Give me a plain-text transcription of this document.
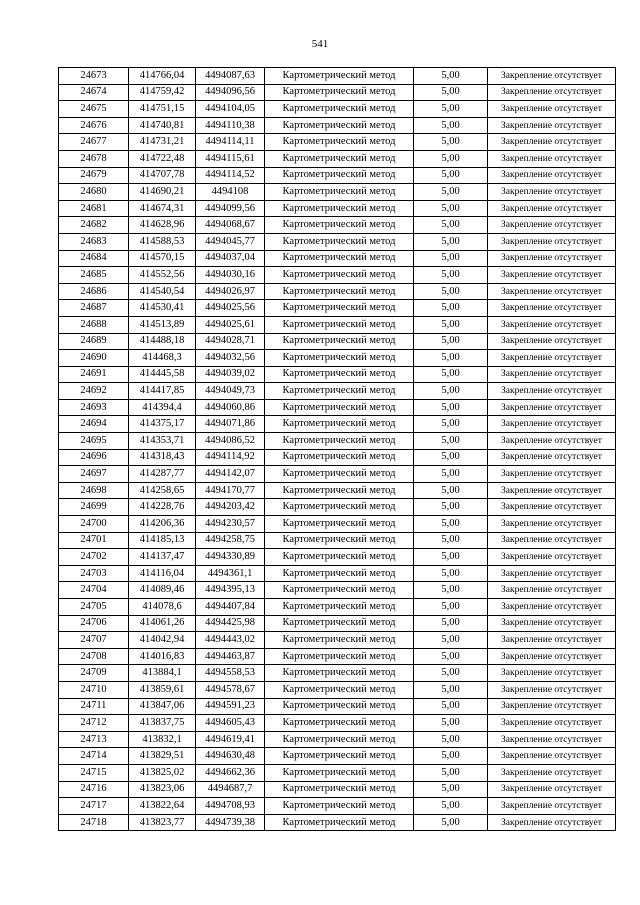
541
24673	414766,04	4494087,63	Картометрический метод	5,00	Закрепление отсутствует
24674	414759,42	4494096,56	Картометрический метод	5,00	Закрепление отсутствует
24675	414751,15	4494104,05	Картометрический метод	5,00	Закрепление отсутствует
24676	414740,81	4494110,38	Картометрический метод	5,00	Закрепление отсутствует
24677	414731,21	4494114,11	Картометрический метод	5,00	Закрепление отсутствует
24678	414722,48	4494115,61	Картометрический метод	5,00	Закрепление отсутствует
24679	414707,78	4494114,52	Картометрический метод	5,00	Закрепление отсутствует
24680	414690,21	4494108	Картометрический метод	5,00	Закрепление отсутствует
24681	414674,31	4494099,56	Картометрический метод	5,00	Закрепление отсутствует
24682	414628,96	4494068,67	Картометрический метод	5,00	Закрепление отсутствует
24683	414588,53	4494045,77	Картометрический метод	5,00	Закрепление отсутствует
24684	414570,15	4494037,04	Картометрический метод	5,00	Закрепление отсутствует
24685	414552,56	4494030,16	Картометрический метод	5,00	Закрепление отсутствует
24686	414540,54	4494026,97	Картометрический метод	5,00	Закрепление отсутствует
24687	414530,41	4494025,56	Картометрический метод	5,00	Закрепление отсутствует
24688	414513,89	4494025,61	Картометрический метод	5,00	Закрепление отсутствует
24689	414488,18	4494028,71	Картометрический метод	5,00	Закрепление отсутствует
24690	414468,3	4494032,56	Картометрический метод	5,00	Закрепление отсутствует
24691	414445,58	4494039,02	Картометрический метод	5,00	Закрепление отсутствует
24692	414417,85	4494049,73	Картометрический метод	5,00	Закрепление отсутствует
24693	414394,4	4494060,86	Картометрический метод	5,00	Закрепление отсутствует
24694	414375,17	4494071,86	Картометрический метод	5,00	Закрепление отсутствует
24695	414353,71	4494086,52	Картометрический метод	5,00	Закрепление отсутствует
24696	414318,43	4494114,92	Картометрический метод	5,00	Закрепление отсутствует
24697	414287,77	4494142,07	Картометрический метод	5,00	Закрепление отсутствует
24698	414258,65	4494170,77	Картометрический метод	5,00	Закрепление отсутствует
24699	414228,76	4494203,42	Картометрический метод	5,00	Закрепление отсутствует
24700	414206,36	4494230,57	Картометрический метод	5,00	Закрепление отсутствует
24701	414185,13	4494258,75	Картометрический метод	5,00	Закрепление отсутствует
24702	414137,47	4494330,89	Картометрический метод	5,00	Закрепление отсутствует
24703	414116,04	4494361,1	Картометрический метод	5,00	Закрепление отсутствует
24704	414089,46	4494395,13	Картометрический метод	5,00	Закрепление отсутствует
24705	414078,6	4494407,84	Картометрический метод	5,00	Закрепление отсутствует
24706	414061,26	4494425,98	Картометрический метод	5,00	Закрепление отсутствует
24707	414042,94	4494443,02	Картометрический метод	5,00	Закрепление отсутствует
24708	414016,83	4494463,87	Картометрический метод	5,00	Закрепление отсутствует
24709	413884,1	4494558,53	Картометрический метод	5,00	Закрепление отсутствует
24710	413859,61	4494578,67	Картометрический метод	5,00	Закрепление отсутствует
24711	413847,06	4494591,23	Картометрический метод	5,00	Закрепление отсутствует
24712	413837,75	4494605,43	Картометрический метод	5,00	Закрепление отсутствует
24713	413832,1	4494619,41	Картометрический метод	5,00	Закрепление отсутствует
24714	413829,51	4494630,48	Картометрический метод	5,00	Закрепление отсутствует
24715	413825,02	4494662,36	Картометрический метод	5,00	Закрепление отсутствует
24716	413823,06	4494687,7	Картометрический метод	5,00	Закрепление отсутствует
24717	413822,64	4494708,93	Картометрический метод	5,00	Закрепление отсутствует
24718	413823,77	4494739,38	Картометрический метод	5,00	Закрепление отсутствует
